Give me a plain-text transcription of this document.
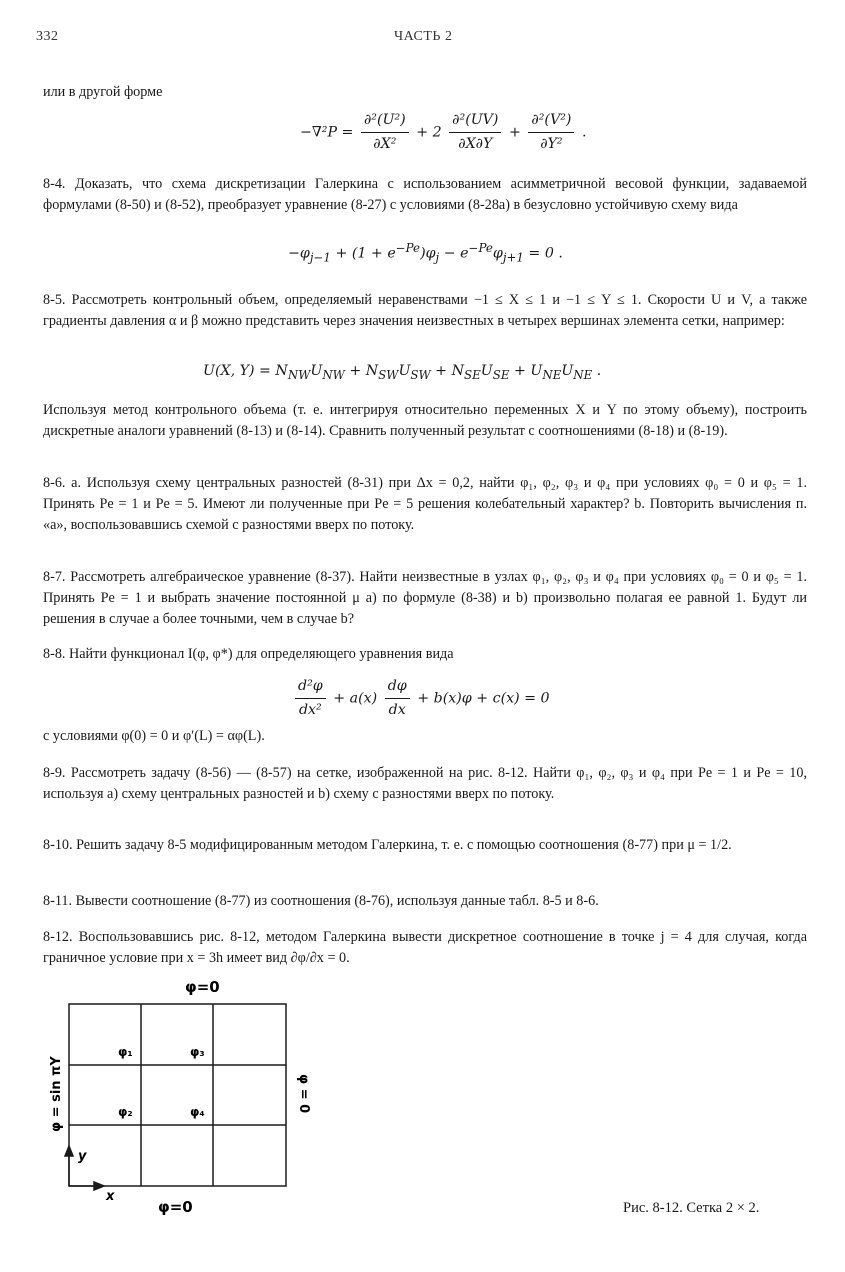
332	ЧАСТЬ 2

или в другой форме

$-\nabla^2P = \frac{\text{∂²(U²)}}{\text{∂X²}} + 2 \frac{\text{∂²(UV)}}{\partial X\partial Y} + \frac{\text{∂²(V²)}}{\text{∂Y²}}$ .

8-4. Доказать, что схема дискретизации Галеркина с использованием асимметричной весовой функции, задаваемой формулами (8-50) и (8-52), преобразует уравнение (8-27) с условиями (8-28a) в безусловно устойчивую схему вида

$-\varphi_{j-1} + (1 + e^{-Pe})\varphi_j - e^{-Pe}\varphi_{j+1} = 0$ .

8-5. Рассмотреть контрольный объем, определяемый неравенствами −1 ≤ X ≤ 1 и −1 ≤ Y ≤ 1. Скорости U и V, а также градиенты давления α и β можно представить через значения неизвестных в четырех вершинах элемента сетки, например:

U(X, $Y) = N_{NW}U_{NW} + N_{SW}U_{SW} + N_{SE}U_{SE} + U_{NE}U_{NE}$ .

Используя метод контрольного объема (т. е. интегрируя относительно переменных X и Y по этому объему), построить дискретные аналоги уравнений (8-13) и (8-14). Сравнить полученный результат с соотношениями (8-18) и (8-19).

8-6. a. Используя схему центральных разностей (8-31) при Δx = 0,2, найти φ₁, φ₂, φ₃ и φ₄ при условиях φ₀ = 0 и φ₅ = 1. Принять Pe = 1 и Pe = 5. Имеют ли полученные при Pe = 5 решения колебательный характер? b. Повторить вычисления п. «a», воспользовавшись схемой с разностями вверх по потоку.

8-7. Рассмотреть алгебраическое уравнение (8-37). Найти неизвестные в узлах φ₁, φ₂, φ₃ и φ₄ при условиях φ₀ = 0 и φ₅ = 1. Принять Pe = 1 и выбрать значение постоянной μ a) по формуле (8-38) и b) произвольно полагая ее равной 1. Будут ли решения в случае a более точными, чем в случае b?

8-8. Найти функционал I(φ, φ*) для определяющего уравнения вида

$\frac{\text{d²φ}}{\text{dx²}} + a(x) \frac{d\varphi}{dx} + b(x)\varphi + c(x) = 0$

с условиями φ(0) = 0 и φ′(L) = αφ(L).

8-9. Рассмотреть задачу (8-56) — (8-57) на сетке, изображенной на рис. 8-12. Найти φ₁, φ₂, φ₃ и φ₄ при Pe = 1 и Pe = 10, используя a) схему центральных разностей и b) схему с разностями вверх по потоку.

8-10. Решить задачу 8-5 модифицированным методом Галеркина, т. е. с помощью соотношения (8-77) при μ = 1/2.

8-11. Вывести соотношение (8-77) из соотношения (8-76), используя данные табл. 8-5 и 8-6.

8-12. Воспользовавшись рис. 8-12, методом Галеркина вывести дискретное соотношение в точке j = 4 для случая, когда граничное условие при x = 3h имеет вид ∂φ/∂x = 0.

φ=0
y
x
φ₁	φ₃
φ₂	φ₄
φ = sin πY	φ = 0
φ=0	Рис. 8-12. Сетка 2 × 2.
